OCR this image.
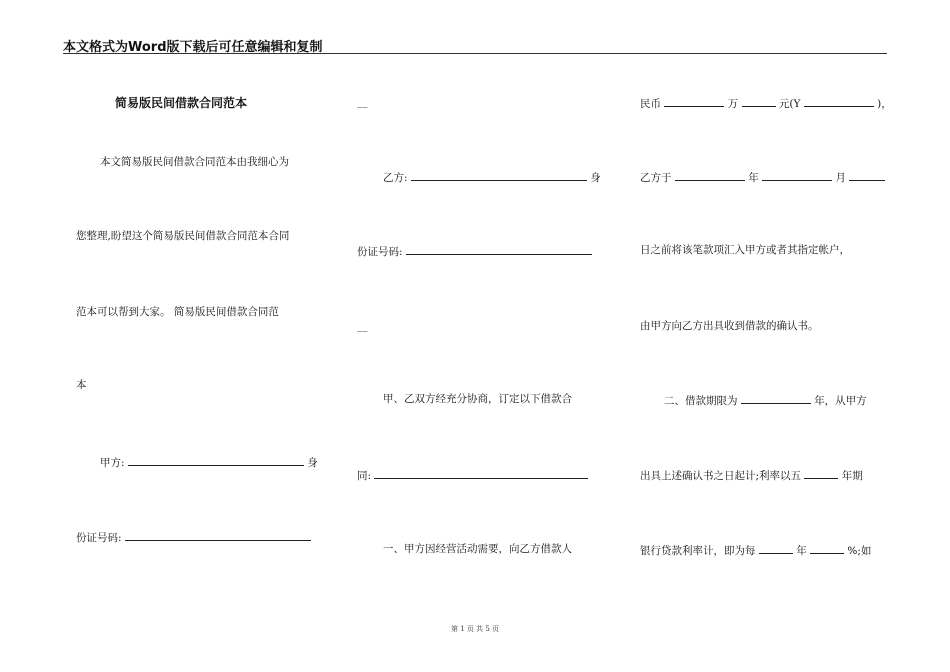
本文格式为Word版下载后可任意编辑和复制
简易版民间借款合同范本
本文简易版民间借款合同范本由我细心为
您整理,盼望这个简易版民间借款合同范本合同
范本可以帮到大家。 简易版民间借款合同范
本
甲方:	身
份证号码:
__
乙方:	身
份证号码:
__
甲、乙双方经充分协商，订定以下借款合
同:
一、甲方因经营活动需要，向乙方借款人
民币	万	元(Y	)，
乙方于	年	月
日之前将该笔款项汇入甲方或者其指定帐户，
由甲方向乙方出具收到借款的确认书。
二、借款期限为	年，从甲方
出具上述确认书之日起计;利率以五	年期
银行贷款利率计，即为每	年	%;如
第 1 页 共 5 页
